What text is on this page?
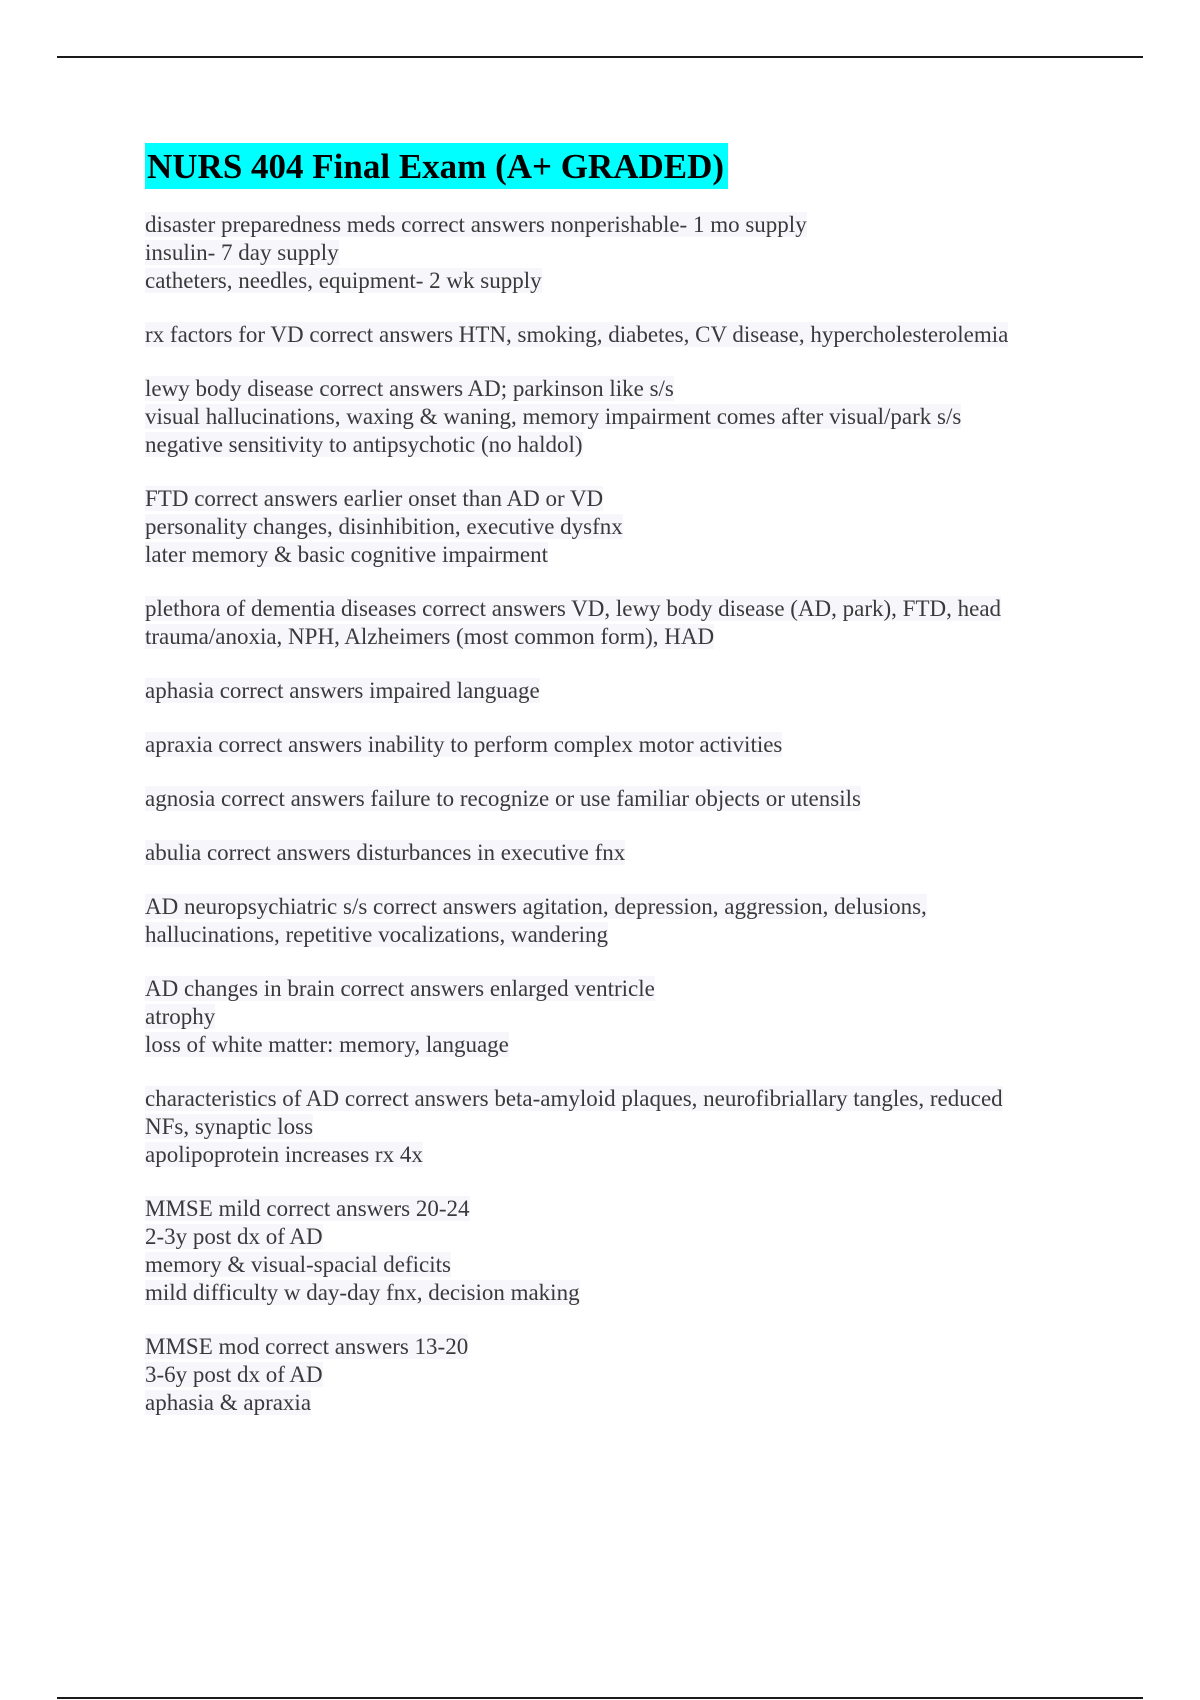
NURS 404 Final Exam (A+ GRADED)
disaster preparedness meds correct answers nonperishable- 1 mo supply
insulin- 7 day supply
catheters, needles, equipment- 2 wk supply
rx factors for VD correct answers HTN, smoking, diabetes, CV disease, hypercholesterolemia
lewy body disease correct answers AD; parkinson like s/s
visual hallucinations, waxing & waning, memory impairment comes after visual/park s/s
negative sensitivity to antipsychotic (no haldol)
FTD correct answers earlier onset than AD or VD
personality changes, disinhibition, executive dysfnx
later memory & basic cognitive impairment
plethora of dementia diseases correct answers VD, lewy body disease (AD, park), FTD, head
trauma/anoxia, NPH, Alzheimers (most common form), HAD
aphasia correct answers impaired language
apraxia correct answers inability to perform complex motor activities
agnosia correct answers failure to recognize or use familiar objects or utensils
abulia correct answers disturbances in executive fnx
AD neuropsychiatric s/s correct answers agitation, depression, aggression, delusions,
hallucinations, repetitive vocalizations, wandering
AD changes in brain correct answers enlarged ventricle
atrophy
loss of white matter: memory, language
characteristics of AD correct answers beta-amyloid plaques, neurofibriallary tangles, reduced
NFs, synaptic loss
apolipoprotein increases rx 4x
MMSE mild correct answers 20-24
2-3y post dx of AD
memory & visual-spacial deficits
mild difficulty w day-day fnx, decision making
MMSE mod correct answers 13-20
3-6y post dx of AD
aphasia & apraxia
